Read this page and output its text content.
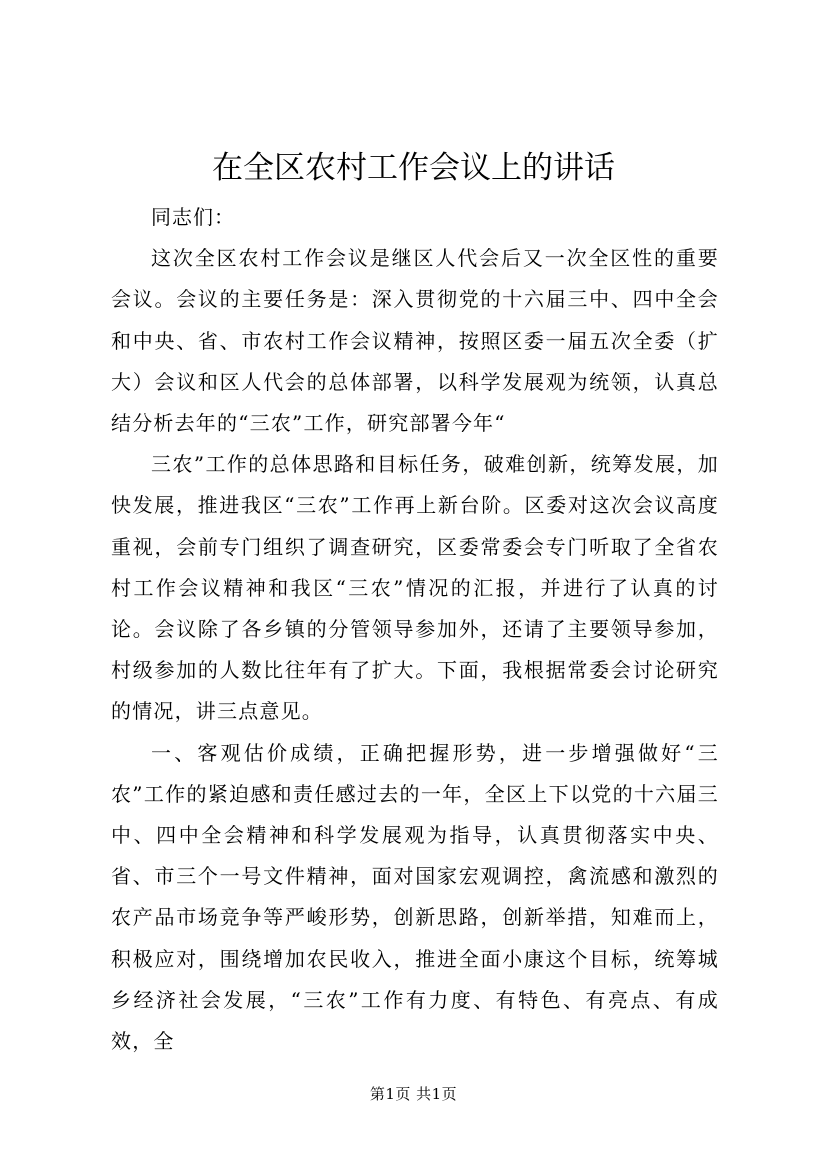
在全区农村工作会议上的讲话

同志们：

这次全区农村工作会议是继区人代会后又一次全区性的重要会议。会议的主要任务是：深入贯彻党的十六届三中、四中全会和中央、省、市农村工作会议精神，按照区委一届五次全委（扩大）会议和区人代会的总体部署，以科学发展观为统领，认真总结分析去年的“三农”工作，研究部署今年“

三农”工作的总体思路和目标任务，破难创新，统筹发展，加快发展，推进我区“三农”工作再上新台阶。区委对这次会议高度重视，会前专门组织了调查研究，区委常委会专门听取了全省农村工作会议精神和我区“三农”情况的汇报，并进行了认真的讨论。会议除了各乡镇的分管领导参加外，还请了主要领导参加，村级参加的人数比往年有了扩大。下面，我根据常委会讨论研究的情况，讲三点意见。

一、客观估价成绩，正确把握形势，进一步增强做好“三农”工作的紧迫感和责任感过去的一年，全区上下以党的十六届三中、四中全会精神和科学发展观为指导，认真贯彻落实中央、省、市三个一号文件精神，面对国家宏观调控，禽流感和激烈的农产品市场竞争等严峻形势，创新思路，创新举措，知难而上，积极应对，围绕增加农民收入，推进全面小康这个目标，统筹城乡经济社会发展，“三农”工作有力度、有特色、有亮点、有成效，全

第1页 共1页
